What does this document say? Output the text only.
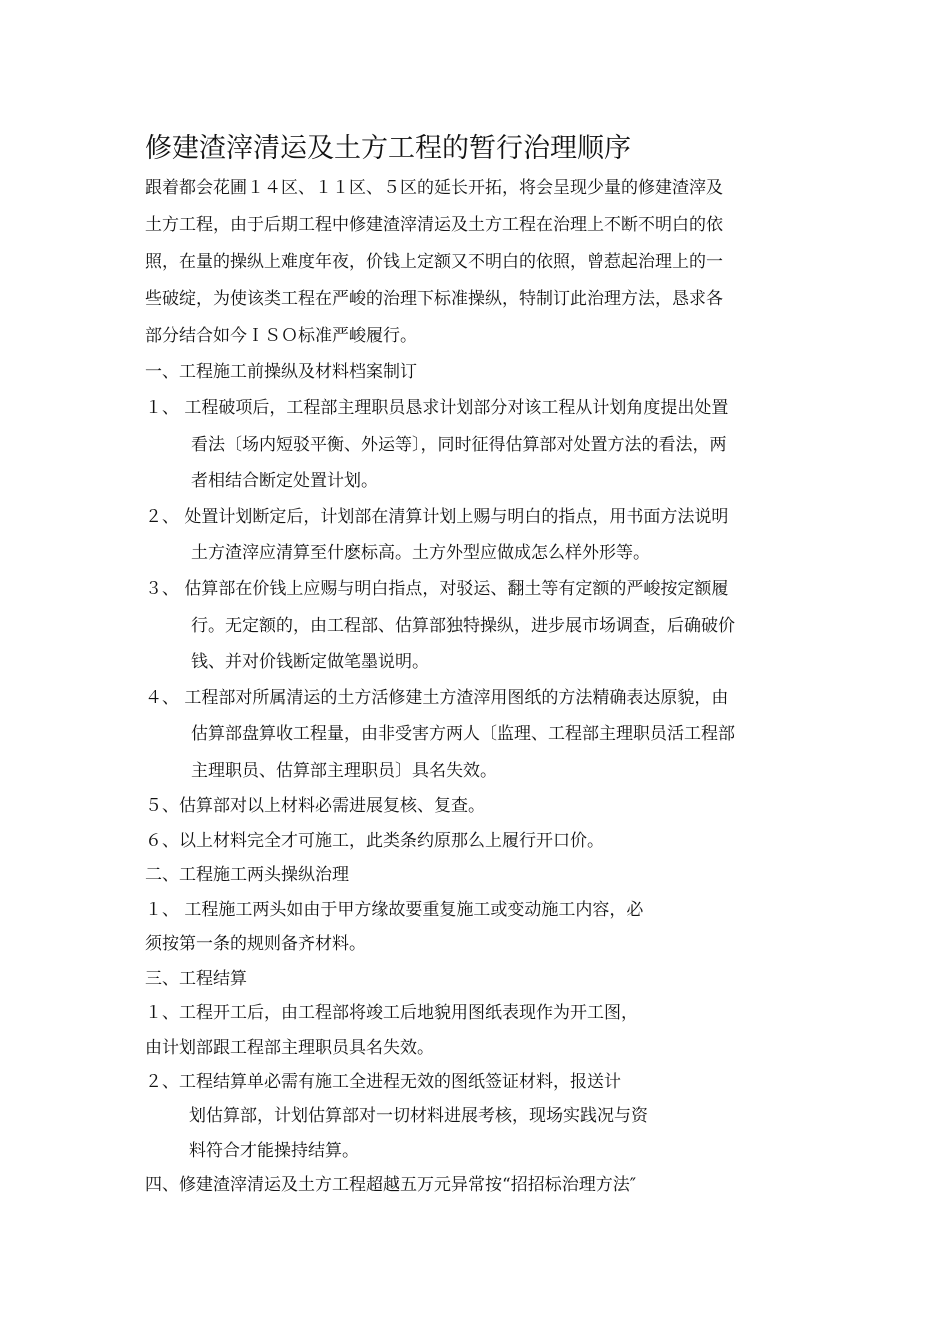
修建渣滓清运及土方工程的暂行治理顺序

跟着都会花圃１４区、１１区、５区的延长开拓，将会呈现少量的修建渣滓及

土方工程，由于后期工程中修建渣滓清运及土方工程在治理上不断不明白的依

照，在量的操纵上难度年夜，价钱上定额又不明白的依照，曾惹起治理上的一

些破绽，为使该类工程在严峻的治理下标准操纵，特制订此治理方法，恳求各

部分结合如今ＩＳＯ标准严峻履行。

一、工程施工前操纵及材料档案制订

１、 工程破项后，工程部主理职员恳求计划部分对该工程从计划角度提出处置

看法〔场内短驳平衡、外运等〕，同时征得估算部对处置方法的看法，两

者相结合断定处置计划。

２、 处置计划断定后，计划部在清算计划上赐与明白的指点，用书面方法说明

土方渣滓应清算至什麽标高。土方外型应做成怎么样外形等。

３、 估算部在价钱上应赐与明白指点，对驳运、翻土等有定额的严峻按定额履

行。无定额的，由工程部、估算部独特操纵，进步展市场调查，后确破价

钱、并对价钱断定做笔墨说明。

４、 工程部对所属清运的土方活修建土方渣滓用图纸的方法精确表达原貌，由

估算部盘算收工程量，由非受害方两人〔监理、工程部主理职员活工程部

主理职员、估算部主理职员〕具名失效。

５、估算部对以上材料必需进展复核、复查。

６、以上材料完全才可施工，此类条约原那么上履行开口价。

二、工程施工两头操纵治理

１、 工程施工两头如由于甲方缘故要重复施工或变动施工内容，必

须按第一条的规则备齐材料。

三、工程结算

１、工程开工后，由工程部将竣工后地貌用图纸表现作为开工图，

由计划部跟工程部主理职员具名失效。

２、工程结算单必需有施工全进程无效的图纸签证材料，报送计

划估算部，计划估算部对一切材料进展考核，现场实践况与资

料符合才能操持结算。

四、修建渣滓清运及土方工程超越五万元异常按“招招标治理方法″
